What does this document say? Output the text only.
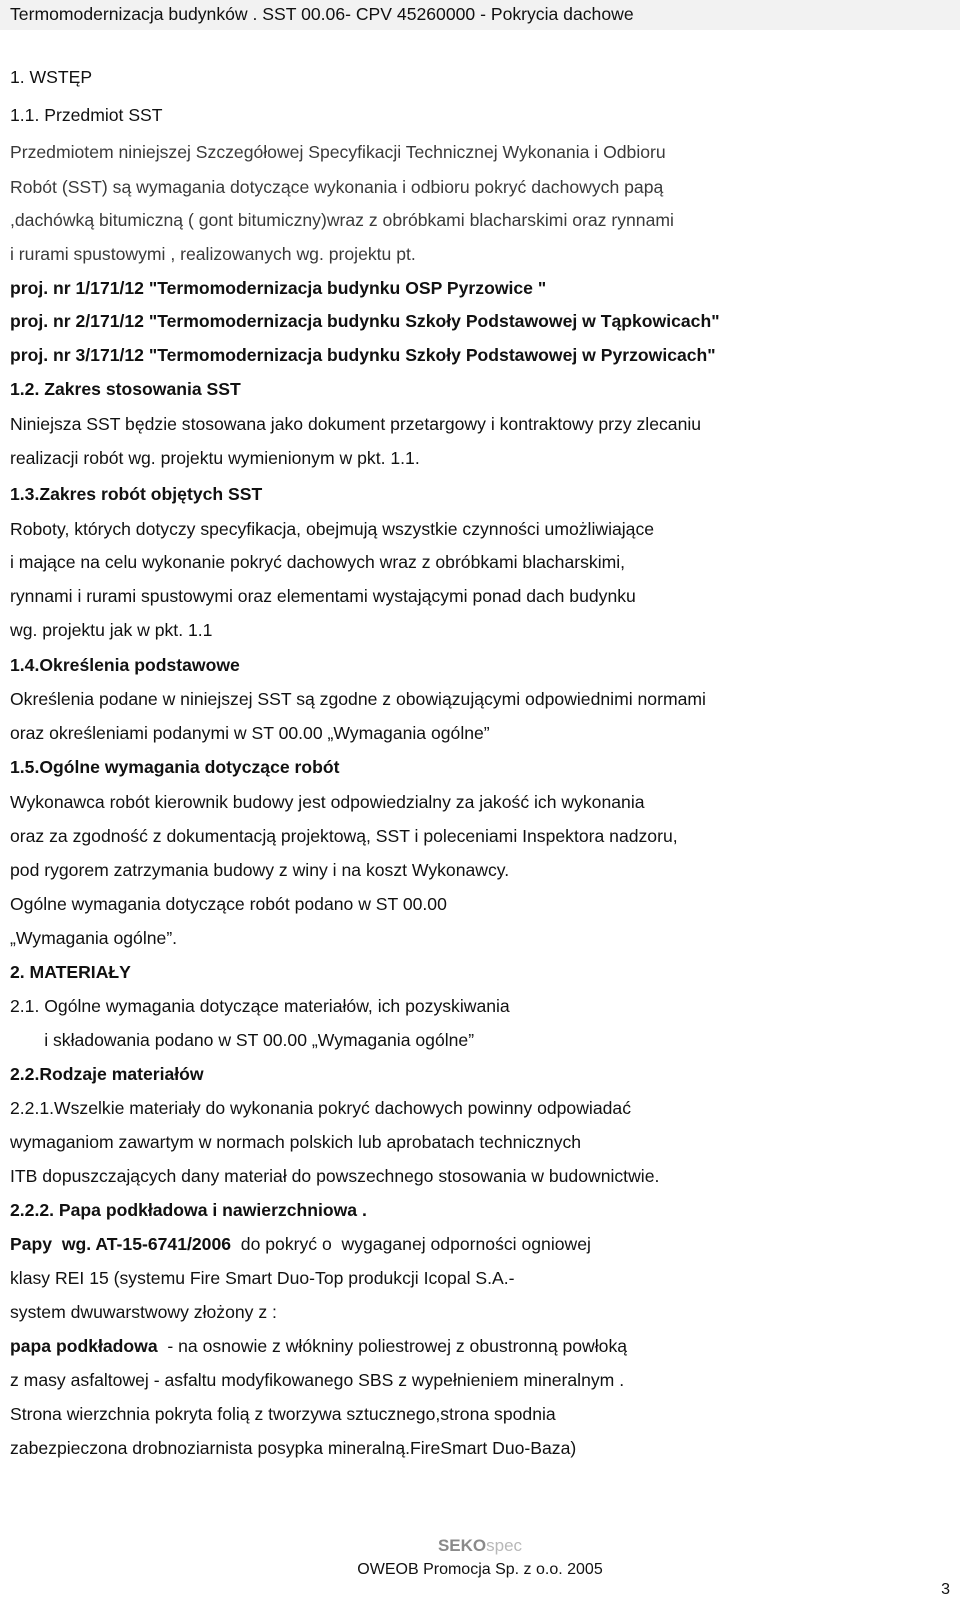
Termomodernizacja budynków . SST 00.06- CPV 45260000 - Pokrycia dachowe
1. WSTĘP
1.1. Przedmiot SST
Przedmiotem niniejszej Szczegółowej Specyfikacji Technicznej Wykonania i Odbioru
Robót (SST) są wymagania dotyczące wykonania i odbioru pokryć dachowych papą
,dachówką bitumiczną ( gont bitumiczny)wraz z obróbkami blacharskimi oraz rynnami
i rurami spustowymi , realizowanych wg. projektu pt.
proj. nr 1/171/12 "Termomodernizacja budynku OSP Pyrzowice "
proj. nr 2/171/12 "Termomodernizacja budynku Szkoły Podstawowej w Tąpkowicach"
proj. nr 3/171/12 "Termomodernizacja budynku Szkoły Podstawowej w Pyrzowicach"
1.2. Zakres stosowania SST
Niniejsza SST będzie stosowana jako dokument przetargowy i kontraktowy przy zlecaniu
realizacji robót wg. projektu wymienionym w pkt. 1.1.
1.3.Zakres robót objętych SST
Roboty, których dotyczy specyfikacja, obejmują wszystkie czynności umożliwiające
i mające na celu wykonanie pokryć dachowych wraz z obróbkami blacharskimi,
rynnami i rurami spustowymi oraz elementami wystającymi ponad dach budynku
wg. projektu jak w pkt. 1.1
1.4.Określenia podstawowe
Określenia podane w niniejszej SST są zgodne z obowiązującymi odpowiednimi normami
oraz określeniami podanymi w ST 00.00 „Wymagania ogólne”
1.5.Ogólne wymagania dotyczące robót
Wykonawca robót kierownik budowy jest odpowiedzialny za jakość ich wykonania
oraz za zgodność z dokumentacją projektową, SST i poleceniami Inspektora nadzoru,
pod rygorem zatrzymania budowy z winy i na koszt Wykonawcy.
Ogólne wymagania dotyczące robót podano w ST 00.00
„Wymagania ogólne”.
2. MATERIAŁY
2.1. Ogólne wymagania dotyczące materiałów, ich pozyskiwania
i składowania podano w ST 00.00 „Wymagania ogólne”
2.2.Rodzaje materiałów
2.2.1.Wszelkie materiały do wykonania pokryć dachowych powinny odpowiadać
wymaganiom zawartym w normach polskich lub aprobatach technicznych
ITB dopuszczających dany materiał do powszechnego stosowania w budownictwie.
2.2.2. Papa podkładowa i nawierzchniowa .
Papy  wg. AT-15-6741/2006  do pokryć o  wygaganej odporności ogniowej
klasy REI 15 (systemu Fire Smart Duo-Top produkcji Icopal S.A.-
system dwuwarstwowy złożony z :
papa podkładowa  - na osnowie z włókniny poliestrowej z obustronną powłoką
z masy asfaltowej - asfaltu modyfikowanego SBS z wypełnieniem mineralnym .
Strona wierzchnia pokryta folią z tworzywa sztucznego,strona spodnia
zabezpieczona drobnoziarnista posypka mineralną.FireSmart Duo-Baza)
SEKOspec
OWEOB Promocja Sp. z o.o. 2005
3
